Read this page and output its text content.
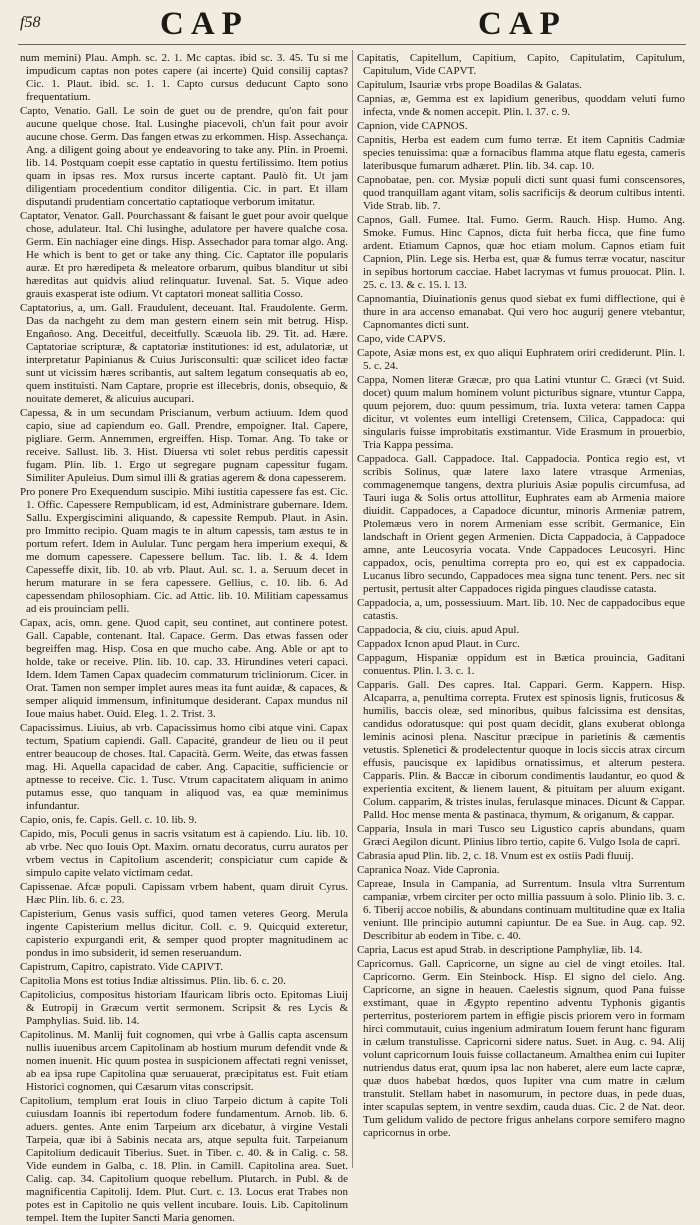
f58	CAP	CAP

num memini) Plau. Amph. sc. 2. 1. Mc captas. ibid sc. 3. 45. Tu si me impudicum captas non potes capere (ai incerte) Quid consilij captas? Cic. 1. Plaut. ibid. sc. 1. 1. Capto cursus deducunt Capto sono frequentatium.

Capto, Venatio. Gall. Le soin de guet ou de prendre, qu'on fait pour aucune quelque chose. Ital. Lusinghe piacevoli, ch'un fait pour avoir aucune chose. Germ. Das fangen etwas zu erkommen. Hisp. Assechança. Ang. a diligent going about ye endeavoring to take any. Plin. in Proemi. lib. 14. Postquam coepit esse captatio in questu fertilissimo. Item potius quam in ipsas res. Mox rursus incerte captant. Paulò fit. Ut jam diligentiam procedentium conditor diligentia. Cic. in part. Et illam disputandi prudentiam concertatio captatioque verborum imitatur.

Captator, Venator. Gall. Pourchassant & faisant le guet pour avoir quelque chose, adulateur. Ital. Chi lusinghe, adulatore per havere qualche cosa. Germ. Ein nachiager eine dings. Hisp. Assechador para tomar algo. Ang. He which is bent to get or take any thing. Cic. Captator ille popularis auræ. Et pro hæredipeta & meleatore orbarum, quibus blanditur ut sibi hæreditas aut quidvis aliud relinquatur. Iuvenal. Sat. 5. Vique adeo grauis exasperat iste odium. Vt captatori moneat sallitia Cosso.

Captatorius, a, um. Gall. Fraudulent, deceuant. Ital. Fraudolente. Germ. Das da nachgeht zu dem man gestern einem sein mit betrug. Hisp. Engañoso. Ang. Deceitful, deceitfully. Scæuola lib. 29. Tit. ad. Hære. Captatoriae scripturæ, & captatoriæ institutiones: id est, adulatoriæ, ut interpretatur Papinianus & Cuius Jurisconsulti: quæ scilicet ideo factæ sunt ut vicissim hæres scribantis, aut saltem legatum consequatis ab eo, quem instituisti. Nam Captare, proprie est illecebris, donis, obsequio, & nouitate demeret, & alicuius aucupari.

Capessa, & in um secundam Priscianum, verbum actiuum. Idem quod capio, siue ad capiendum eo. Gall. Prendre, empoigner. Ital. Capere, pigliare. Germ. Annemmen, ergreiffen. Hisp. Tomar. Ang. To take or receive. Sallust. lib. 3. Hist. Diuersa vti solet rebus perditis capessit fugam. Plin. lib. 1. Ergo ut segregare pugnam capessitur fugam. Similiter Apuleius. Dum simul illi & gratias agerem & dona capesserem.

Pro ponere Pro Exequendum suscipio. Mihi iustitia capessere fas est. Cic. 1. Offic. Capessere Rempublicam, id est, Administrare gubernare. Idem. Sallu. Expergiscimini aliquando, & capessite Rempub. Plaut. in Asin. pro Immitto recipio. Quam magis te in altum capessis, tam æstus te in portum refert. Idem in Aulular. Tunc pergam hera imperium exequi, & me domum capessere. Capessere bellum. Tac. lib. 1. & 4. Idem Capesseffe dixit, lib. 10. ab vrb. Plaut. Aul. sc. 1. a. Seruum decet in herum maturare in se fera capessere. Gellius, c. 10. lib. 6. Ad capessendam philosophiam. Cic. ad Attic. lib. 10. Militiam capessamus ad eis prouinciam pelli.

Capax, acis, omn. gene. Quod capit, seu continet, aut continere potest. Gall. Capable, contenant. Ital. Capace. Germ. Das etwas fassen oder begreiffen mag. Hisp. Cosa en que mucho cabe. Ang. Able or apt to holde, take or receive. Plin. lib. 10. cap. 33. Hirundines veteri capaci. Idem. Idem Tamen Capax quadecim commaturum tricliniorum. Cicer. in Orat. Tamen non semper implet aures meas ita funt auidæ, & capaces, & semper aliquid immensum, infinitumque desiderant. Capax mundus nil Ioue maius habet. Ouid. Eleg. 1. 2. Trist. 3.

Capacissimus. Liuius, ab vrb. Capacissimus homo cibi atque vini. Capax tectum, Spatium capiendi. Gall. Capacité, grandeur de lieu ou il peut entrer beaucoup de choses. Ital. Capacità. Germ. Weite, das etwas fassen mag. Hi. Aquella capacidad de caber. Ang. Capacitie, sufficiencie or aptnesse to receive. Cic. 1. Tusc. Vtrum capacitatem aliquam in animo putamus esse, quo tanquam in aliquod vas, ea quæ meminimus infundantur.

Capio, onis, fe. Capis. Gell. c. 10. lib. 9.

Capido, mis, Poculi genus in sacris vsitatum est à capiendo. Liu. lib. 10. ab vrbe. Nec quo Iouis Opt. Maxim. ornatu decoratus, curru auratos per vrbem vectus in Capitolium ascenderit; conspiciatur cum capide & simpulo capite velato victimam cedat.

Capissenae. Afcæ populi. Capissam vrbem habent, quam diruit Cyrus. Hæc Plin. lib. 6. c. 23.

Capisterium, Genus vasis suffici, quod tamen veteres Georg. Merula ingente Capisterium mellus dicitur. Coll. c. 9. Quicquid exteretur, capisterio expurgandi erit, & semper quod propter magnitudinem ac pondus in imo subsiderit, id semen reseruandum.

Capistrum, Capitro, capistrato. Vide CAPIVT.

Capitolia Mons est totius Indiæ altissimus. Plin. lib. 6. c. 20.

Capitolicius, compositus historiam Ifauricam libris octo. Epitomas Liuij & Eutropij in Græcum vertit sermonem. Scripsit & res Lycis & Pamphylias. Suid. lib. 14.

Capitolinus. M. Manlij fuit cognomen, qui vrbe à Gallis capta ascensum nullis iuuenibus arcem Capitolinam ab hostium murum defendit vnde & nomen inuenit. Hic quum postea in suspicionem affectati regni venisset, ab ea ipsa rupe Capitolina quæ seruauerat, præcipitatus est. Fuit etiam Historici cognomen, qui Cæsarum vitas conscripsit.

Capitolium, templum erat Iouis in cliuo Tarpeio dictum à capite Toli cuiusdam Ioannis ibi repertodum fodere fundamentum. Arnob. lib. 6. aduers. gentes. Ante enim Tarpeium arx dicebatur, à virgine Vestali Tarpeia, quæ ibi à Sabinis necata ars, atque sepulta fuit. Tarpeianum Capitolium dedicauit Tiberius. Suet. in Tiber. c. 40. & in Calig. c. 58. Vide eundem in Galba, c. 18. Plin. in Camill. Capitolina area. Suet. Calig. cap. 34. Capitolium quoque rebellum. Plutarch. in Publ. & de magnificentia Capitolij. Idem. Plut. Curt. c. 13. Locus erat Trabes non potes est in Capitolio ne quis vellent incubare. Iouis. Lib. Capitolinum tempel. Item the Iupiter Sancti Maria genomen.

Capitatis, Capitellum, Capitium, Capito, Capitulatim, Capitulum, Capitulum, Vide CAPVT.

Capitulum, Isauriæ vrbs prope Boadilas & Galatas.

Capnias, æ, Gemma est ex lapidium generibus, quoddam veluti fumo infecta, vnde & nomen accepit. Plin. l. 37. c. 9.

Capnion, vide CAPNOS.

Capnitis, Herba est eadem cum fumo terræ. Et item Capnitis Cadmiæ species tenuissima: quæ a fornacibus flamma atque flatu egesta, cameris lateribusque fumarum adhæret. Plin. lib. 34. cap. 10.

Capnobatae, pen. cor. Mysiæ populi dicti sunt quasi fumi conscensores, quod tranquillam agant vitam, solis sacrificijs & deorum cultibus intenti. Vide Strab. lib. 7.

Capnos, Gall. Fumee. Ital. Fumo. Germ. Rauch. Hisp. Humo. Ang. Smoke. Fumus. Hinc Capnos, dicta fuit herba ficca, que fine fumo ardent. Etiamum Capnos, quæ hoc etiam molum. Capnos etiam fuit Capnion, Plin. Lege sis. Herba est, quæ & fumus terræ vocatur, nascitur in sepibus hortorum cacciae. Habet lacrymas vt fumus prouocat. Plin. l. 25. c. 13. & c. 15. l. 13.

Capnomantia, Diuinationis genus quod siebat ex fumi difflectione, qui è thure in ara accenso emanabat. Qui vero hoc augurij genere vtebantur, Capnomantes dicti sunt.

Capo, vide CAPVS.

Capote, Asiæ mons est, ex quo aliqui Euphratem oriri crediderunt. Plin. l. 5. c. 24.

Cappa, Nomen literæ Græcæ, pro qua Latini vtuntur C. Græci (vt Suid. docet) quum malum hominem volunt picturibus signare, vtuntur Cappa, quum pejorem, duo: quum pessimum, tria. Iuxta vetera: tamen Cappa dicitur, vt volentes eum intelligi Cretensem, Cilica, Cappadoca: qui singularis fuisse improbitatis exstimantur. Vide Erasmum in prouerbio, Tria Kappa pessima.

Cappadoca. Gall. Cappadoce. Ital. Cappadocia. Pontica regio est, vt scribis Solinus, quæ latere laxo latere vtrasque Armenias, commagenemque tangens, dextra pluriuis Asiæ populis circumfusa, ad Tauri iuga & Solis ortus attollitur, Euphrates eam ab Armenia maiore diuidit. Cappadoces, a Capadoce dicuntur, minoris Armeniæ patrem, Ptolemæus vero in norem Armeniam esse scribit. Germanice, Ein landschaft in Orient gegen Armenien. Dicta Cappadocia, à Cappadoce amne, ante Leucosyria vocata. Vnde Cappadoces Leucosyri. Hinc cappadox, ocis, penultima correpta pro eo, qui est ex cappadocia. Lucanus libro secundo, Cappadoces mea signa tunc tenent. Pers. nec sit pertusit, pertusit alter Cappadoces rigida pingues claudisse catasta.

Cappadocia, a, um, possessiuum. Mart. lib. 10. Nec de cappadocibus eque catastis.

Cappadocia, & ciu, ciuis. apud Apul.

Cappadox Icnon apud Plaut. in Curc.

Cappagum, Hispaniæ oppidum est in Bætica prouincia, Gaditani conuentus. Plin. l. 3. c. 1.

Capparis. Gall. Des capres. Ital. Cappari. Germ. Kappern. Hisp. Alcaparra, a, penultima correpta. Frutex est spinosis lignis, fruticosus & humilis, baccis oleæ, sed minoribus, quibus falcissima est densitas, candidus odoratusque: qui post quam decidit, glans exuberat oblonga leminis acinosi plena. Nascitur præcipue in parietinis & cæmentis vetustis. Splenetici & prodelectentur quoque in locis siccis atrax circum effusis, paucisque ex lapidibus ornatissimus, et alterum pestera. Capparis. Plin. & Baccæ in ciborum condimentis laudantur, eo quod & experientia excitent, & lienem lauent, & pituitam per aluum exigant. Colum. capparim, & tristes inulas, ferulasque minaces. Dicunt & Cappar. Palld. Hoc mense menta & pastinaca, thymum, & origanum, & cappar.

Capparia, Insula in mari Tusco seu Ligustico capris abundans, quam Græci Aegilon dicunt. Plinius libro tertio, capite 6. Vulgo Isola de capri.

Cabrasia apud Plin. lib. 2, c. 18. Vnum est ex ostiis Padi fluuij.

Capranica Noaz. Vide Capronia.

Capreae, Insula in Campania, ad Surrentum. Insula vltra Surrentum campaniæ, vrbem circiter per octo millia passuum à solo. Plinio lib. 3. c. 6. Tiberij accoe nobilis, & abundans continuam multitudine quæ ex Italia veniunt. Ille principio autumni capiuntur. De ea Sue. in Aug. cap. 92. Describitur ab eodem in Tibe. c. 40.

Capria, Lacus est apud Strab. in descriptione Pamphyliæ, lib. 14.

Capricornus. Gall. Capricorne, un signe au ciel de vingt etoiles. Ital. Capricorno. Germ. Ein Steinbock. Hisp. El signo del cielo. Ang. Capricorne, an signe in heauen. Caelestis signum, quod Pana fuisse exstimant, quae in Ægypto repentino adventu Typhonis gigantis perterritus, posteriorem partem in effigie piscis priorem vero in formam hirci commutauit, cuius ingenium admiratum Iouem ferunt hanc figuram in cælum transtulisse. Capricorni sidere natus. Suet. in Aug. c. 94. Alij volunt capricornum Iouis fuisse collactaneum. Amalthea enim cui Iupiter nutriendus datus erat, quum ipsa lac non haberet, alere eum lacte capræ, quæ duos habebat hœdos, quos Iupiter vna cum matre in cælum transtulit. Stellam habet in nasomurum, in pectore duas, in pede duas, inter scapulas septem, in ventre sexdim, cauda duas. Cic. 2 de Nat. deor. Tum gelidum valido de pectore frigus anhelans corpore semifero magno capricornus in orbe.
